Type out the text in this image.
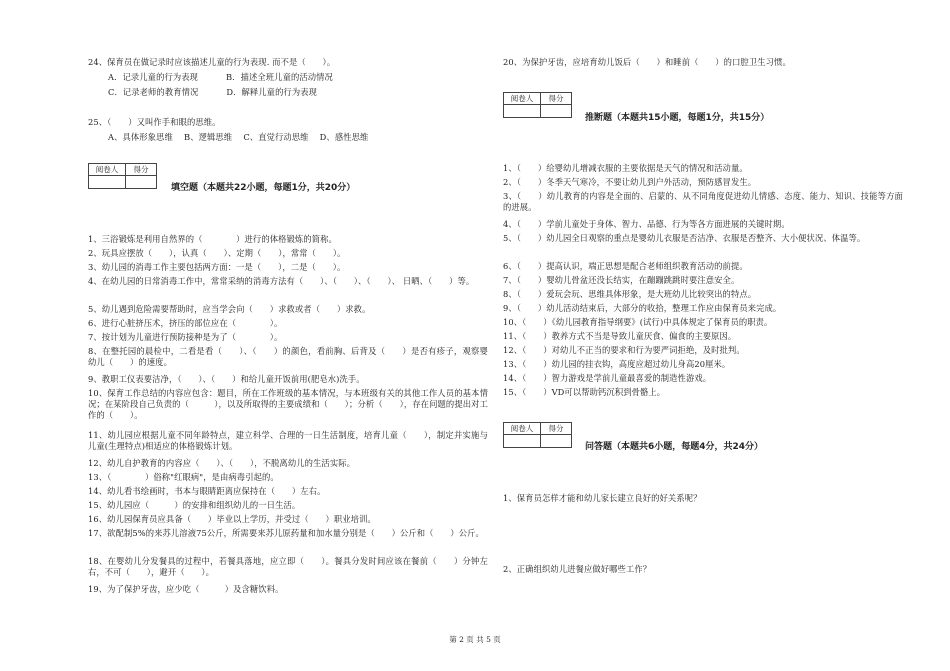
24、保育员在做记录时应该描述儿童的行为表现. 而不是（　　）。
A．记录儿童的行为表现　　　 B．描述全班儿童的活动情况
C．记录老师的教育情况　　　 D．解释儿童的行为表现
25、（　　）又叫作手和眼的思维。
A、具体形象思维　 B、逻辑思维　 C、直觉行动思维　 D、感性思维
阅卷人	得分

填空题（本题共22小题，每题1分，共20分）
1、三浴锻炼是利用自然界的（　　　　）进行的体格锻炼的简称。
2、玩具应摆放（　　），认真（　　）、定期（　　），常常（　　）。
3、幼儿园的消毒工作主要包括两方面：一是（　　），二是（　　）。
4、在幼儿园的日常消毒工作中，常常采纳的消毒方法有（　　）、（　　）、（　　）、 日晒、（　　）等。
5、幼儿遇到危险需要帮助时，应当学会向（　　）求救或者（　　）求救。
6、进行心脏挤压术，挤压的部位应在（　　　　）。
7、按计划为儿童进行预防接种是为了（　　　　）。
8、在整托园的晨检中，二看是看（　　）、（　　）的颜色，看前胸、后背及（　　）是否有疹子，观察婴幼儿（　　）的速度。
9、教职工仪表要洁净，（　　）、（　　）和给儿童开饭前用(肥皂水)洗手。
10、保育工作总结的内容应包含：题目，所在工作班级的基本情况，与本班级有关的其他工作人员的基本情况；在某阶段自己负责的（　　　），以及所取得的主要成绩和（　　）；分析（　　），存在问题的提出对工作的（　　）。
11、幼儿园应根据儿童不同年龄特点，建立科学、合理的一日生活制度，培育儿童（　　），制定并实施与儿童(生理特点)相适应的体格锻炼计划。
12、幼儿自护教育的内容应（　　）、（　　），不脱离幼儿的生活实际。
13、（　　　　）俗称"红眼病"，是由病毒引起的。
14、幼儿看书绘画时，书本与眼睛距离应保持在（　　）左右。
15、幼儿园应（　　　）的安排和组织幼儿的一日生活。
16、幼儿园保育员应具备（　　）毕业以上学历，并受过（　　）职业培训。
17、欲配制5%的来苏儿溶液75公斤，所需要来苏儿原药量和加水量分别是（　　）公斤和（　　）公斤。
18、在婴幼儿分发餐具的过程中，若餐具落地，应立即（　　）。餐具分发时间应该在餐前（　　）分钟左右，不可（　　），避开（　　）。
19、为了保护牙齿，应少吃（　　　）及含糖饮料。
20、为保护牙齿，应培育幼儿饭后（　　）和睡前（　　）的口腔卫生习惯。
阅卷人	得分

推断题（本题共15小题，每题1分，共15分）
1、（　　）给婴幼儿增减衣服的主要依据是天气的情况和活动量。
2、（　　）冬季天气寒冷，不要让幼儿到户外活动，预防感冒发生。
3、（　　）幼儿教育的内容是全面的、启蒙的、从不同角度促进幼儿情感、态度、能力、知识、技能等方面的进展。
4、（　　）学前儿童处于身体、智力、品德、行为等各方面进展的关键时期。
5、（　　）幼儿园全日观察的重点是婴幼儿衣服是否洁净、衣服是否整齐、大小便状况、体温等。
6、（　　）提高认识，端正思想是配合老师组织教育活动的前提。
7、（　　）婴幼儿骨盆还没长结实，在蹦蹦跳跳时要注意安全。
8、（　　）爱玩会玩、思维具体形象，是大班幼儿比较突出的特点。
9、（　　）幼儿活动结束后，大部分的收拾，整理工作应由保育员来完成。
10、（　　）《幼儿园教育指导纲要》(试行)中具体规定了保育员的职责。
11、（　　）教养方式不当是导致儿童厌食、偏食的主要原因。
12、（　　）对幼儿不正当的要求和行为要严词拒绝，及时批判。
13、（　　）幼儿园的挂衣钩，高度应超过幼儿身高20厘米。
14、（　　）智力游戏是学前儿童最喜爱的制造性游戏。
15、（　　）VD可以帮助钙沉积到骨骼上。
阅卷人	得分

问答题（本题共6小题，每题4分，共24分）
1、保育员怎样才能和幼儿家长建立良好的好关系呢？
2、正确组织幼儿进餐应做好哪些工作？
第 2 页 共 5 页
